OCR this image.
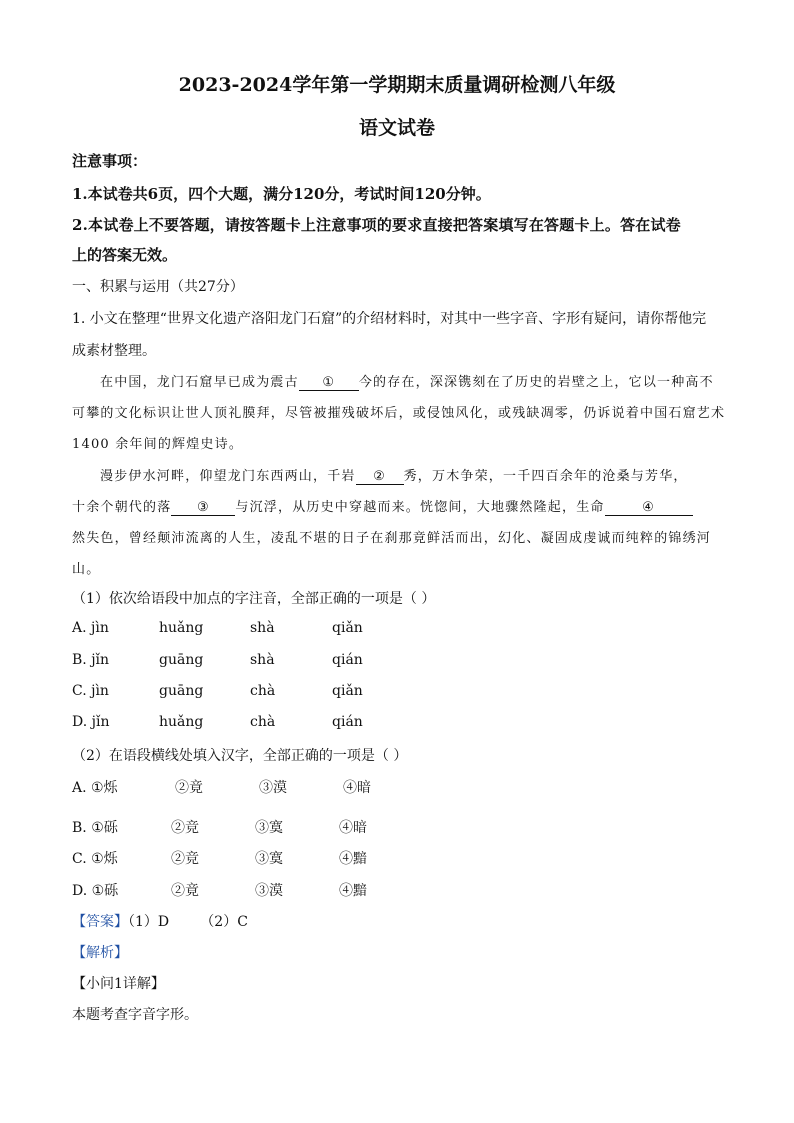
2023-2024学年第一学期期末质量调研检测八年级
语文试卷
注意事项：
1.本试卷共6页，四个大题，满分120分，考试时间120分钟。
2.本试卷上不要答题，请按答题卡上注意事项的要求直接把答案填写在答题卡上。答在试卷
上的答案无效。
一、积累与运用（共27分）
1. 小文在整理“世界文化遗产洛阳龙门石窟”的介绍材料时，对其中一些字音、字形有疑问，请你帮他完
成素材整理。
在中国，龙门石窟早已成为震古 ① 今的存在，深深镌刻在了历史的岩壁之上，它以一种高不
可攀的文化标识让世人顶礼膜拜，尽管被摧残破坏后，或侵蚀风化，或残缺凋零，仍诉说着中国石窟艺术
1400 余年间的辉煌史诗。
漫步伊水河畔，仰望龙门东西两山，千岩 ② 秀，万木争荣，一千四百余年的沧桑与芳华，
十余个朝代的落 ③ 与沉浮，从历史中穿越而来。恍惚间，大地骤然隆起，生命	④
然失色，曾经颠沛流离的人生，凌乱不堪的日子在刹那竟鲜活而出，幻化、凝固成虔诚而纯粹的锦绣河
山。
（1）依次给语段中加点的字注音，全部正确的一项是（ ）
A. jìn	huǎng	shà	qiǎn
B. jǐn	guāng	shà	qián
C. jìn	guāng	chà	qiǎn
D. jǐn	huǎng	chà	qián
（2）在语段横线处填入汉字，全部正确的一项是（ ）
A. ①烁	②竟	③漠	④暗
B. ①砾	②竞	③寞	④暗
C. ①烁	②竞	③寞	④黯
D. ①砾	②竟	③漠	④黯
【答案】（1）D       （2）C
【解析】
【小问1详解】
本题考查字音字形。
